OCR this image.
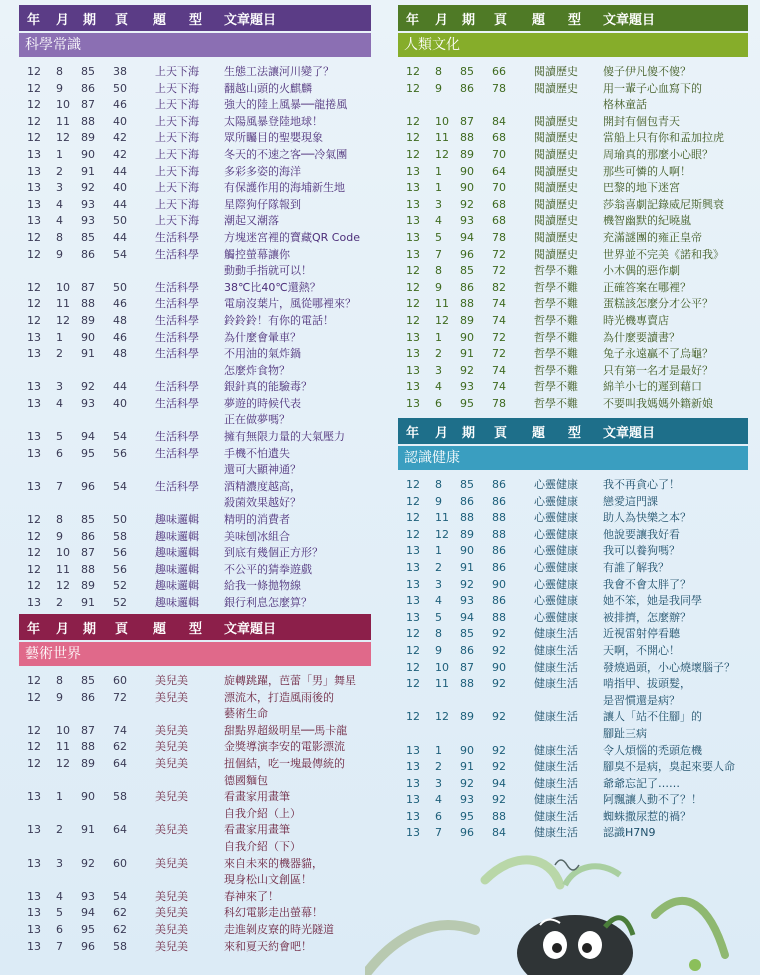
年 月 期 頁 題 型 文章題目
科學常識
12 8 85 38	上天下海 生態工法讓河川變了？
12 9 86 50	上天下海 翻越山頭的火麒麟
12 10 87 46	上天下海 強大的陸上風暴──龍捲風
12 11 88 40	上天下海 太陽風暴登陸地球！
12 12 89 42	上天下海 眾所矚目的聖嬰現象
13 1 90 42	上天下海 冬天的不速之客──冷氣團
13 2 91 44	上天下海 多彩多姿的海洋
13 3 92 40	上天下海 有保護作用的海埔新生地
13 4 93 44	上天下海 星際狗仔隊報到
13 4 93 50	上天下海 潮起又潮落
12 8 85 44	生活科學 方塊迷宮裡的寶藏QR Code
12 9 86 54	生活科學 觸控螢幕讓你
動動手指就可以！
12 10 87 50	生活科學 38℃比40℃還熱？
12 11 88 46	生活科學 電扇沒葉片，風從哪裡來？
12 12 89 48	生活科學 鈴鈴鈴！有你的電話！
13 1 90 46	生活科學 為什麼會暈車？
13 2 91 48	生活科學 不用油的氣炸鍋
怎麼炸食物？
13 3 92 44	生活科學 銀針真的能驗毒？
13 4 93 40	生活科學 夢遊的時候代表
正在做夢嗎？
13 5 94 54	生活科學 擁有無限力量的大氣壓力
13 6 95 56	生活科學 手機不怕遺失
還可大顯神通？
13 7 96 54	生活科學 酒精濃度越高，
殺菌效果越好？
12 8 85 50	趣味邏輯 精明的消費者
12 9 86 58	趣味邏輯 美味刨冰組合
12 10 87 56	趣味邏輯 到底有幾個正方形？
12 11 88 56	趣味邏輯 不公平的猜拳遊戲
12 12 89 52	趣味邏輯 給我一條拋物線
13 2 91 52	趣味邏輯 銀行利息怎麼算？
年 月 期 頁 題 型 文章題目
藝術世界
12 8 85 60	美兒美	旋轉跳躍，芭蕾「男」舞星
12 9 86 72	美兒美	漂流木，打造風雨後的
藝術生命
12 10 87 74	美兒美	甜點界超級明星──馬卡龍
12 11 88 62	美兒美	金獎導演李安的電影漂流
12 12 89 64	美兒美	扭個結，吃一塊最傳統的
德國麵包
13 1 90 58	美兒美	看畫家用畫筆
自我介紹（上）
13 2 91 64	美兒美	看畫家用畫筆
自我介紹（下）
13 3 92 60	美兒美	來自未來的機器貓，
現身松山文創區！
13 4 93 54	美兒美	春神來了！
13 5 94 62	美兒美	科幻電影走出螢幕！
13 6 95 62	美兒美	走進剝皮寮的時光隧道
13 7 96 58	美兒美	來和夏天約會吧！
年 月 期 頁 題 型 文章題目
人類文化
12 8 85 66	閱讀歷史 傻子伊凡傻不傻？
12 9 86 78	閱讀歷史 用一輩子心血寫下的
格林童話
12 10 87 84	閱讀歷史 開封有個包青天
12 11 88 68	閱讀歷史 當船上只有你和孟加拉虎
12 12 89 70	閱讀歷史 周瑜真的那麼小心眼？
13 1 90 64	閱讀歷史 那些可憐的人啊！
13 1 90 70	閱讀歷史 巴黎的地下迷宮
13 3 92 68	閱讀歷史 莎翁喜劇記錄威尼斯興衰
13 4 93 68	閱讀歷史 機智幽默的紀曉嵐
13 5 94 78	閱讀歷史 充滿謎團的雍正皇帝
13 7 96 72	閱讀歷史 世界並不完美《諾和我》
12 8 85 72	哲學不難 小木偶的惡作劇
12 9 86 82	哲學不難 正確答案在哪裡？
12 11 88 74	哲學不難 蛋糕該怎麼分才公平？
12 12 89 74	哲學不難 時光機專賣店
13 1 90 72	哲學不難 為什麼要讀書？
13 2 91 72	哲學不難 兔子永遠贏不了烏龜？
13 3 92 74	哲學不難 只有第一名才是最好？
13 4 93 74	哲學不難 綿羊小七的遲到藉口
13 6 95 78	哲學不難 不要叫我媽媽外籍新娘
年 月 期 頁 題 型 文章題目
認識健康
12 8 85 86	心靈健康 我不再貪心了！
12 9 86 86	心靈健康 戀愛這門課
12 11 88 88	心靈健康 助人為快樂之本？
12 12 89 88	心靈健康 他說要讓我好看
13 1 90 86	心靈健康 我可以養狗嗎？
13 2 91 86	心靈健康 有誰了解我？
13 3 92 90	心靈健康 我會不會太胖了？
13 4 93 86	心靈健康 她不笨，她是我同學
13 5 94 88	心靈健康 被排擠，怎麼辦？
12 8 85 92	健康生活 近視雷射停看聽
12 9 86 92	健康生活 天啊，不開心！
12 10 87 90	健康生活 發燒過頭，小心燒壞腦子？
12 11 88 92	健康生活 啃指甲、拔頭髮，
是習慣還是病？
12 12 89 92	健康生活 讓人「站不住腳」的
腳趾三病
13 1 90 92	健康生活 令人煩惱的禿頭危機
13 2 91 92	健康生活 腳臭不是病，臭起來要人命
13 3 92 94	健康生活 爺爺忘記了……
13 4 93 92	健康生活 阿飄讓人動不了？！
13 6 95 88	健康生活 蜘蛛撒尿惹的禍？
13 7 96 84	健康生活 認識H7N9
